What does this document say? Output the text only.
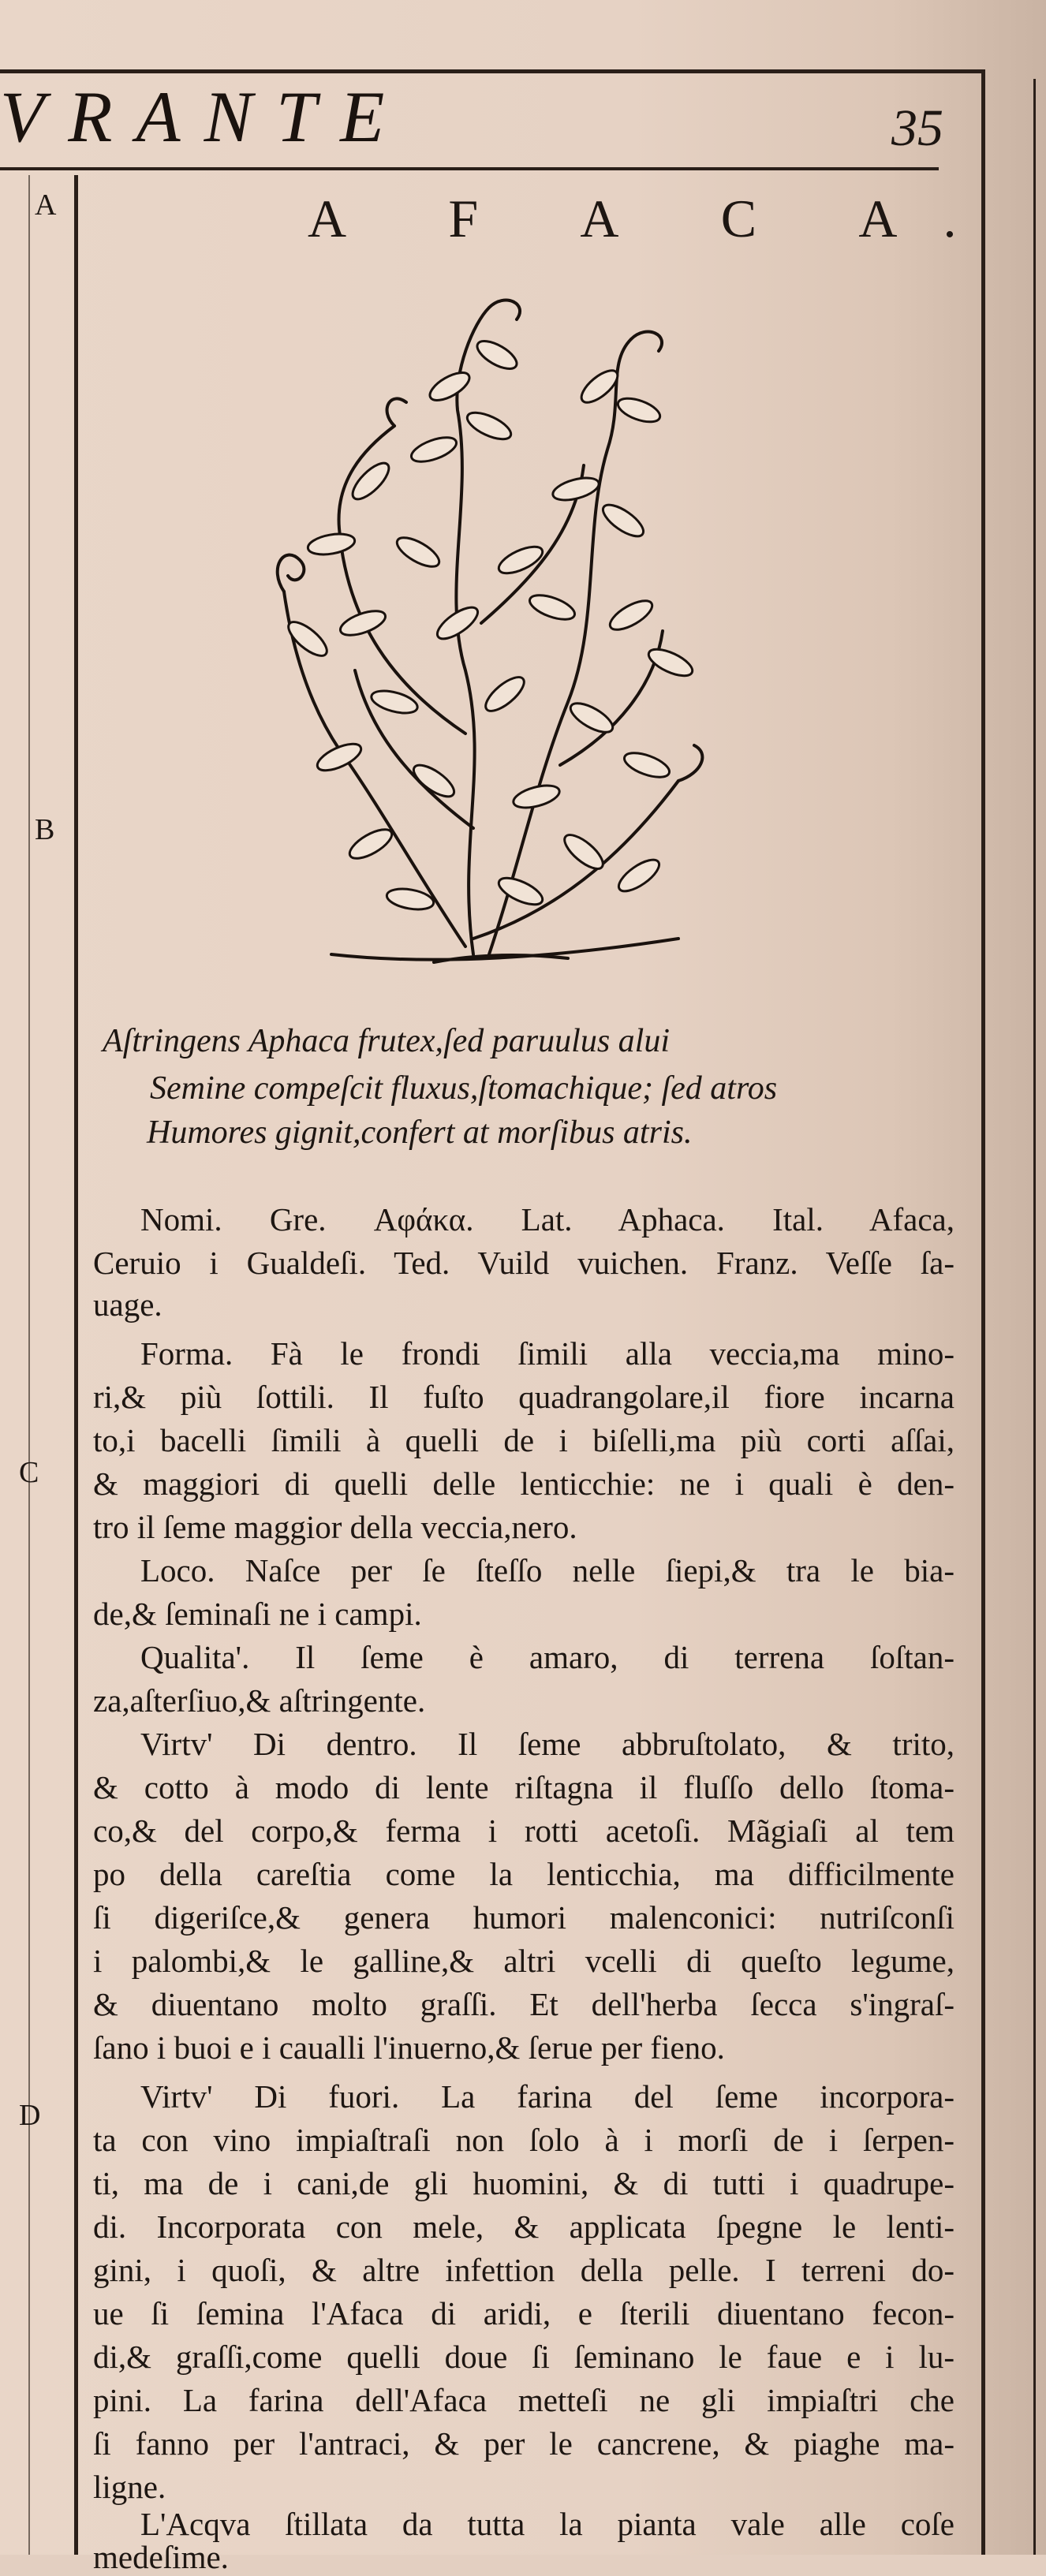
VRANTE	35
A
B
C
D
A F A C A.
Aſtringens Aphaca frutex,ſed paruulus alui
Semine compeſcit fluxus,ſtomachique; ſed atros
Humores gignit,confert at morſibus atris.
Nomi. Gre. Αφάκα. Lat. Aphaca. Ital. Afaca,
Ceruio i Gualdeſi. Ted. Vuild vuichen. Franz. Veſſe ſa-
uage.
Forma. Fà le frondi ſimili alla veccia,ma mino-
ri,& più ſottili. Il fuſto quadrangolare,il fiore incarna
to,i bacelli ſimili à quelli de i biſelli,ma più corti aſſai,
& maggiori di quelli delle lenticchie: ne i quali è den-
tro il ſeme maggior della veccia,nero.
Loco. Naſce per ſe ſteſſo nelle ſiepi,& tra le bia-
de,& ſeminaſi ne i campi.
Qualita'. Il ſeme è amaro, di terrena ſoſtan-
za,aſterſiuo,& aſtringente.
Virtv' Di dentro. Il ſeme abbruſtolato, & trito,
& cotto à modo di lente riſtagna il fluſſo dello ſtoma-
co,& del corpo,& ferma i rotti acetoſi. Mãgiaſi al tem
po della careſtia come la lenticchia, ma difficilmente
ſi digeriſce,& genera humori malenconici: nutriſconſi
i palombi,& le galline,& altri vcelli di queſto legume,
& diuentano molto graſſi. Et dell'herba ſecca s'ingraſ-
ſano i buoi e i caualli l'inuerno,& ſerue per fieno.
Virtv' Di fuori. La farina del ſeme incorpora-
ta con vino impiaſtraſi non ſolo à i morſi de i ſerpen-
ti, ma de i cani,de gli huomini, & di tutti i quadrupe-
di. Incorporata con mele, & applicata ſpegne le lenti-
gini, i quoſi, & altre infettion della pelle. I terreni do-
ue ſi ſemina l'Afaca di aridi, e ſterili diuentano fecon-
di,& graſſi,come quelli doue ſi ſeminano le faue e i lu-
pini. La farina dell'Afaca metteſi ne gli impiaſtri che
ſi fanno per l'antraci, & per le cancrene, & piaghe ma-
ligne.
L'Acqva ſtillata da tutta la pianta vale alle coſe
medeſime.
